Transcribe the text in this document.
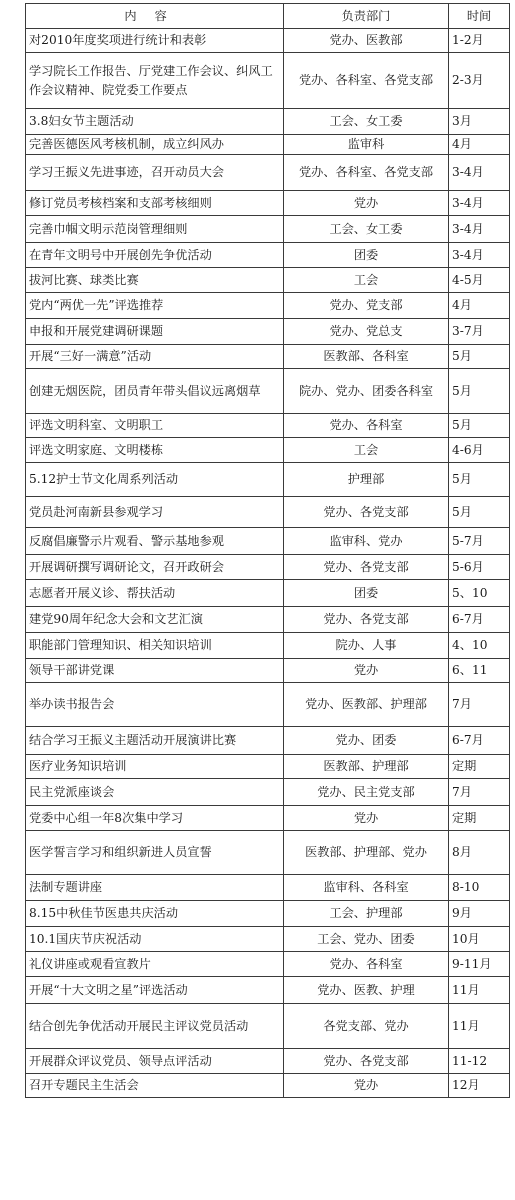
内容	负责部门	时间
对2010年度奖项进行统计和表彰	党办、医教部	1-2月
学习院长工作报告、厅党建工作会议、纠风工作会议精神、院党委工作要点	党办、各科室、各党支部	2-3月
3.8妇女节主题活动	工会、女工委	3月
完善医德医风考核机制，成立纠风办	监审科	4月
学习王振义先进事迹，召开动员大会	党办、各科室、各党支部	3-4月
修订党员考核档案和支部考核细则	党办	3-4月
完善巾帼文明示范岗管理细则	工会、女工委	3-4月
在青年文明号中开展创先争优活动	团委	3-4月
拔河比赛、球类比赛	工会	4-5月
党内“两优一先”评选推荐	党办、党支部	4月
申报和开展党建调研课题	党办、党总支	3-7月
开展“三好一满意”活动	医教部、各科室	5月
创建无烟医院，团员青年带头倡议远离烟草	院办、党办、团委各科室	5月
评选文明科室、文明职工	党办、各科室	5月
评选文明家庭、文明楼栋	工会	4-6月
5.12护士节文化周系列活动	护理部	5月
党员赴河南新县参观学习	党办、各党支部	5月
反腐倡廉警示片观看、警示基地参观	监审科、党办	5-7月
开展调研撰写调研论文，召开政研会	党办、各党支部	5-6月
志愿者开展义诊、帮扶活动	团委	5、10
建党90周年纪念大会和文艺汇演	党办、各党支部	6-7月
职能部门管理知识、相关知识培训	院办、人事	4、10
领导干部讲党课	党办	6、11
举办读书报告会	党办、医教部、护理部	7月
结合学习王振义主题活动开展演讲比赛	党办、团委	6-7月
医疗业务知识培训	医教部、护理部	定期
民主党派座谈会	党办、民主党支部	7月
党委中心组一年8次集中学习	党办	定期
医学誓言学习和组织新进人员宣誓	医教部、护理部、党办	8月
法制专题讲座	监审科、各科室	8-10
8.15中秋佳节医患共庆活动	工会、护理部	9月
10.1国庆节庆祝活动	工会、党办、团委	10月
礼仪讲座或观看宣教片	党办、各科室	9-11月
开展“十大文明之星”评选活动	党办、医教、护理	11月
结合创先争优活动开展民主评议党员活动	各党支部、党办	11月
开展群众评议党员、领导点评活动	党办、各党支部	11-12
召开专题民主生活会	党办	12月
